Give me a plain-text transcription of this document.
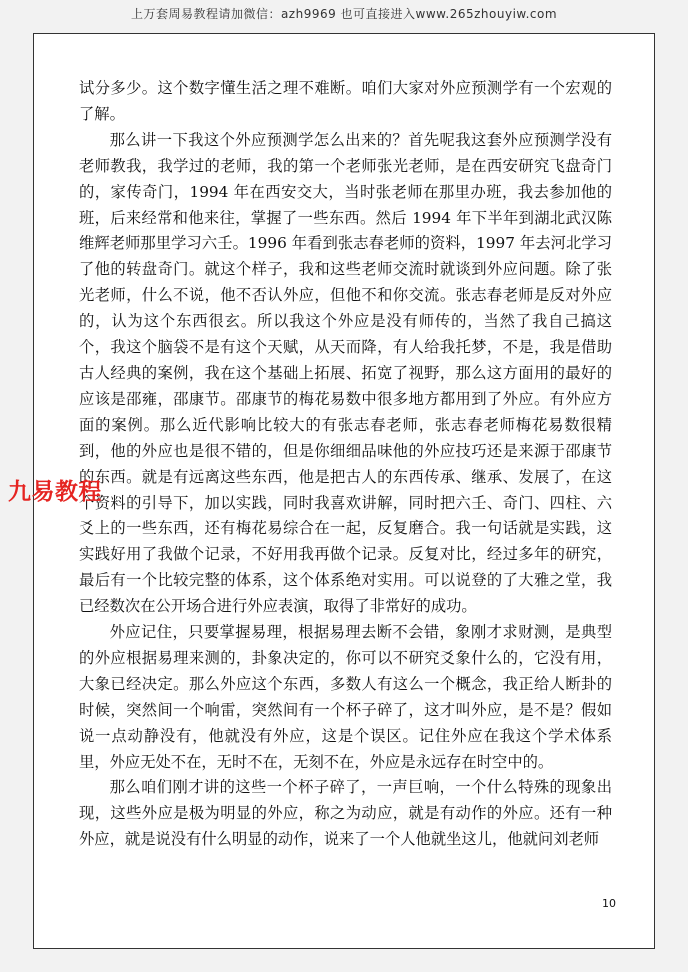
上万套周易教程请加微信：azh9969 也可直接进入www.265zhouyiw.com

试分多少。这个数字懂生活之理不难断。咱们大家对外应预测学有一个宏观的了解。

那么讲一下我这个外应预测学怎么出来的？首先呢我这套外应预测学没有老师教我，我学过的老师，我的第一个老师张光老师，是在西安研究飞盘奇门的，家传奇门，1994 年在西安交大，当时张老师在那里办班，我去参加他的班，后来经常和他来往，掌握了一些东西。然后 1994 年下半年到湖北武汉陈维辉老师那里学习六壬。1996 年看到张志春老师的资料，1997 年去河北学习了他的转盘奇门。就这个样子，我和这些老师交流时就谈到外应问题。除了张光老师，什么不说，他不否认外应，但他不和你交流。张志春老师是反对外应的，认为这个东西很玄。所以我这个外应是没有师传的，当然了我自己搞这个，我这个脑袋不是有这个天赋，从天而降，有人给我托梦，不是，我是借助古人经典的案例，我在这个基础上拓展、拓宽了视野，那么这方面用的最好的应该是邵雍，邵康节。邵康节的梅花易数中很多地方都用到了外应。有外应方面的案例。那么近代影响比较大的有张志春老师，张志春老师梅花易数很精到，他的外应也是很不错的，但是你细细品味他的外应技巧还是来源于邵康节的东西。就是有远离这些东西，他是把古人的东西传承、继承、发展了，在这个资料的引导下，加以实践，同时我喜欢讲解，同时把六壬、奇门、四柱、六爻上的一些东西，还有梅花易综合在一起，反复磨合。我一句话就是实践，这实践好用了我做个记录，不好用我再做个记录。反复对比，经过多年的研究，最后有一个比较完整的体系，这个体系绝对实用。可以说登的了大雅之堂，我已经数次在公开场合进行外应表演，取得了非常好的成功。

外应记住，只要掌握易理，根据易理去断不会错，象刚才求财测，是典型的外应根据易理来测的，卦象决定的，你可以不研究爻象什么的，它没有用，大象已经决定。那么外应这个东西，多数人有这么一个概念，我正给人断卦的时候，突然间一个响雷，突然间有一个杯子碎了，这才叫外应，是不是？假如说一点动静没有，他就没有外应，这是个误区。记住外应在我这个学术体系里，外应无处不在，无时不在，无刻不在，外应是永远存在时空中的。

那么咱们刚才讲的这些一个杯子碎了，一声巨响，一个什么特殊的现象出现，这些外应是极为明显的外应，称之为动应，就是有动作的外应。还有一种外应，就是说没有什么明显的动作，说来了一个人他就坐这儿，他就问刘老师

10
九易教程
